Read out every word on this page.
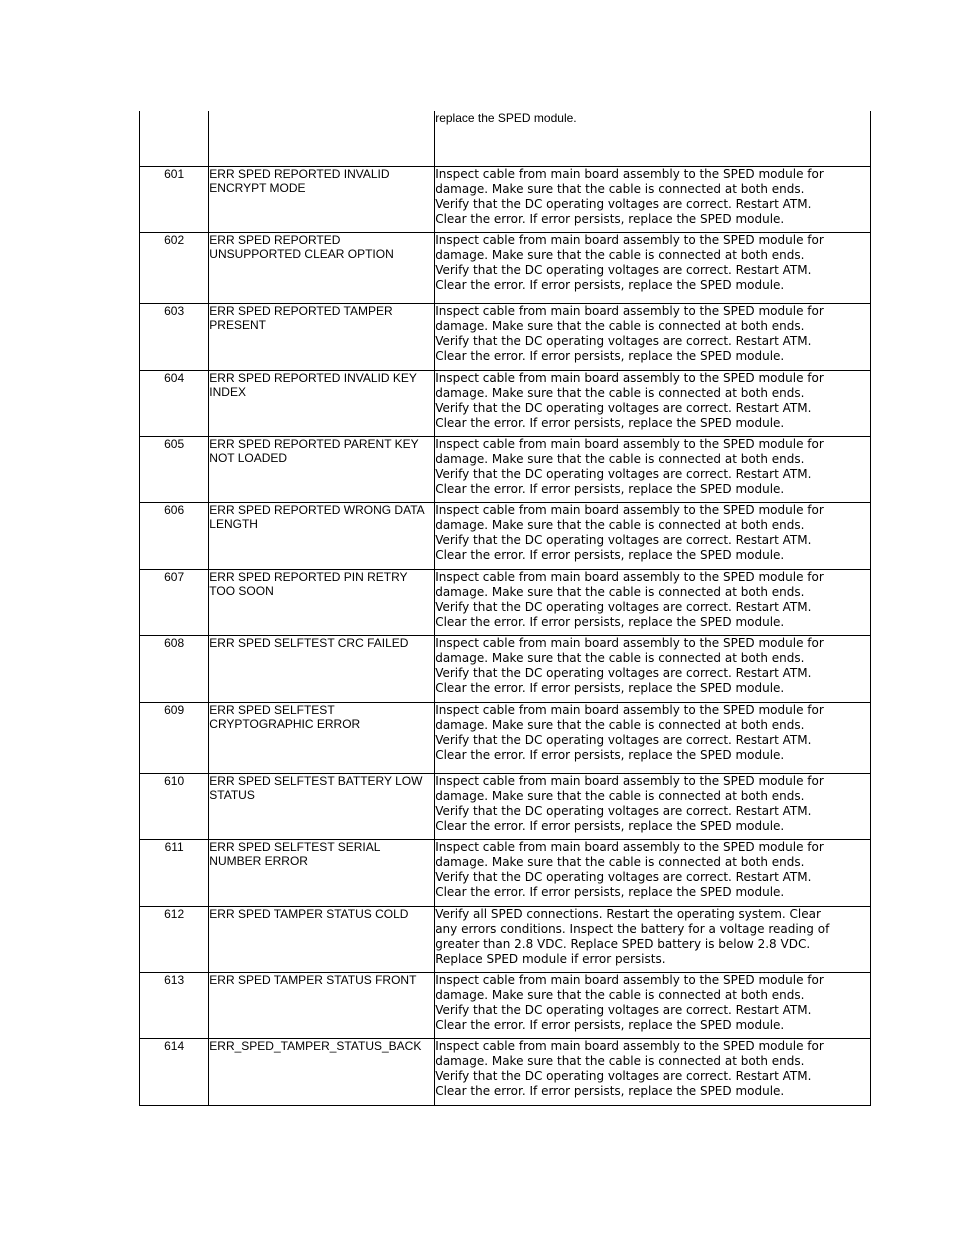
		replace the SPED module.
601	ERR SPED REPORTED INVALID ENCRYPT MODE	Inspect cable from main board assembly to the SPED module for
damage. Make sure that the cable is connected at both ends.
Verify that the DC operating voltages are correct. Restart ATM.
Clear the error. If error persists, replace the SPED module.
602	ERR SPED REPORTED UNSUPPORTED CLEAR OPTION	Inspect cable from main board assembly to the SPED module for
damage. Make sure that the cable is connected at both ends.
Verify that the DC operating voltages are correct. Restart ATM.
Clear the error. If error persists, replace the SPED module.
603	ERR SPED REPORTED TAMPER PRESENT	Inspect cable from main board assembly to the SPED module for
damage. Make sure that the cable is connected at both ends.
Verify that the DC operating voltages are correct. Restart ATM.
Clear the error. If error persists, replace the SPED module.
604	ERR SPED REPORTED INVALID KEY INDEX	Inspect cable from main board assembly to the SPED module for
damage. Make sure that the cable is connected at both ends.
Verify that the DC operating voltages are correct. Restart ATM.
Clear the error. If error persists, replace the SPED module.
605	ERR SPED REPORTED PARENT KEY NOT LOADED	Inspect cable from main board assembly to the SPED module for
damage. Make sure that the cable is connected at both ends.
Verify that the DC operating voltages are correct. Restart ATM.
Clear the error. If error persists, replace the SPED module.
606	ERR SPED REPORTED WRONG DATA LENGTH	Inspect cable from main board assembly to the SPED module for
damage. Make sure that the cable is connected at both ends.
Verify that the DC operating voltages are correct. Restart ATM.
Clear the error. If error persists, replace the SPED module.
607	ERR SPED REPORTED PIN RETRY TOO SOON	Inspect cable from main board assembly to the SPED module for
damage. Make sure that the cable is connected at both ends.
Verify that the DC operating voltages are correct. Restart ATM.
Clear the error. If error persists, replace the SPED module.
608	ERR SPED SELFTEST CRC FAILED	Inspect cable from main board assembly to the SPED module for
damage. Make sure that the cable is connected at both ends.
Verify that the DC operating voltages are correct. Restart ATM.
Clear the error. If error persists, replace the SPED module.
609	ERR SPED SELFTEST CRYPTOGRAPHIC ERROR	Inspect cable from main board assembly to the SPED module for
damage. Make sure that the cable is connected at both ends.
Verify that the DC operating voltages are correct. Restart ATM.
Clear the error. If error persists, replace the SPED module.
610	ERR SPED SELFTEST BATTERY LOW STATUS	Inspect cable from main board assembly to the SPED module for
damage. Make sure that the cable is connected at both ends.
Verify that the DC operating voltages are correct. Restart ATM.
Clear the error. If error persists, replace the SPED module.
611	ERR SPED SELFTEST SERIAL NUMBER ERROR	Inspect cable from main board assembly to the SPED module for
damage. Make sure that the cable is connected at both ends.
Verify that the DC operating voltages are correct. Restart ATM.
Clear the error. If error persists, replace the SPED module.
612	ERR SPED TAMPER STATUS COLD	Verify all SPED connections. Restart the operating system. Clear
any errors conditions. Inspect the battery for a voltage reading of
greater than 2.8 VDC. Replace SPED battery is below 2.8 VDC.
Replace SPED module if error persists.
613	ERR SPED TAMPER STATUS FRONT	Inspect cable from main board assembly to the SPED module for
damage. Make sure that the cable is connected at both ends.
Verify that the DC operating voltages are correct. Restart ATM.
Clear the error. If error persists, replace the SPED module.
614	ERR_SPED_TAMPER_STATUS_BACK	Inspect cable from main board assembly to the SPED module for
damage. Make sure that the cable is connected at both ends.
Verify that the DC operating voltages are correct. Restart ATM.
Clear the error. If error persists, replace the SPED module.
